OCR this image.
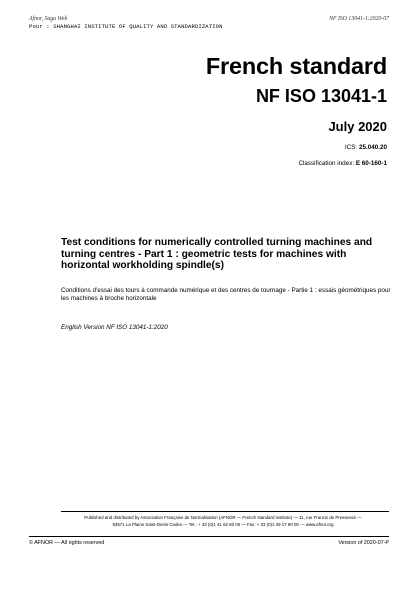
Afnor, Saga Web	NF ISO 13041-1:2020-07
Pour : SHANGHAI INSTITUTE OF QUALITY AND STANDARDIZATION
French standard
NF ISO 13041-1
July 2020
ICS: 25.040.20
Classification index: E 60-160-1
Test conditions for numerically controlled turning machines and turning centres - Part 1 : geometric tests for machines with horizontal workholding spindle(s)
Conditions d'essai des tours à commande numérique et des centres de tournage - Partie 1 : essais géométriques pour les machines à broche horizontale
English Version NF ISO 13041-1:2020
Published and distributed by Association Française de Normalisation (AFNOR — French standard institute) — 11, rue Francis de Pressensé —
93571 La Plaine Saint-Denis Cedex — Tel.: + 33 (0)1 41 62 80 00 — Fax: + 33 (0)1 49 17 90 00 — www.afnor.org
© AFNOR — All rights reserved	Version of 2020-07-P
